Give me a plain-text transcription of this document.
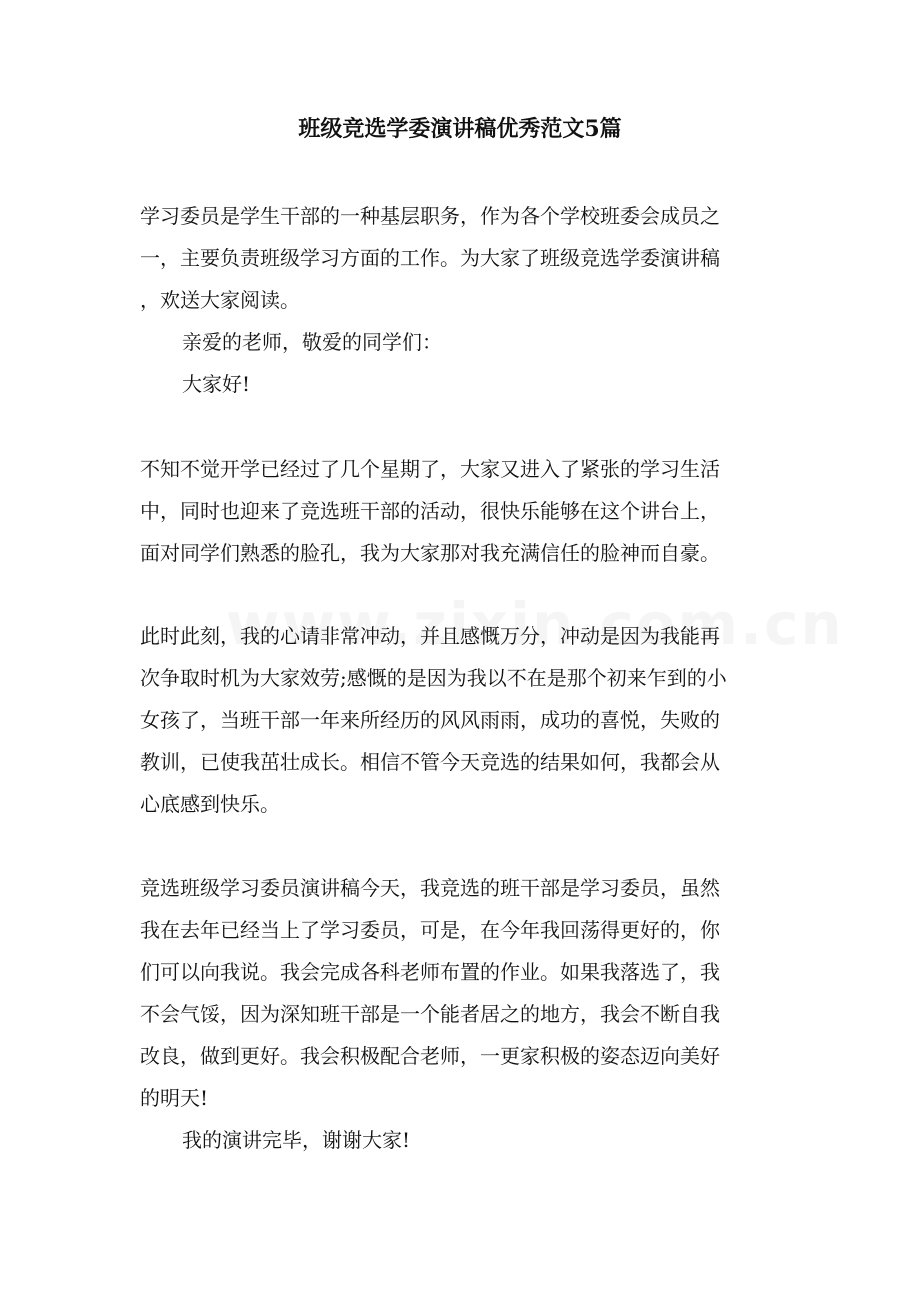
班级竞选学委演讲稿优秀范文5篇

学习委员是学生干部的一种基层职务，作为各个学校班委会成员之

一，主要负责班级学习方面的工作。为大家了班级竞选学委演讲稿

，欢送大家阅读。

亲爱的老师，敬爱的同学们：

大家好!

不知不觉开学已经过了几个星期了，大家又进入了紧张的学习生活

中，同时也迎来了竞选班干部的活动，很快乐能够在这个讲台上，

面对同学们熟悉的脸孔，我为大家那对我充满信任的脸神而自豪。

此时此刻，我的心请非常冲动，并且感慨万分，冲动是因为我能再

次争取时机为大家效劳;感慨的是因为我以不在是那个初来乍到的小

女孩了，当班干部一年来所经历的风风雨雨，成功的喜悦，失败的

教训，已使我茁壮成长。相信不管今天竞选的结果如何，我都会从

心底感到快乐。

竞选班级学习委员演讲稿今天，我竞选的班干部是学习委员，虽然

我在去年已经当上了学习委员，可是，在今年我回荡得更好的，你

们可以向我说。我会完成各科老师布置的作业。如果我落选了，我

不会气馁，因为深知班干部是一个能者居之的地方，我会不断自我

改良，做到更好。我会积极配合老师，一更家积极的姿态迈向美好

的明天!

我的演讲完毕，谢谢大家!
